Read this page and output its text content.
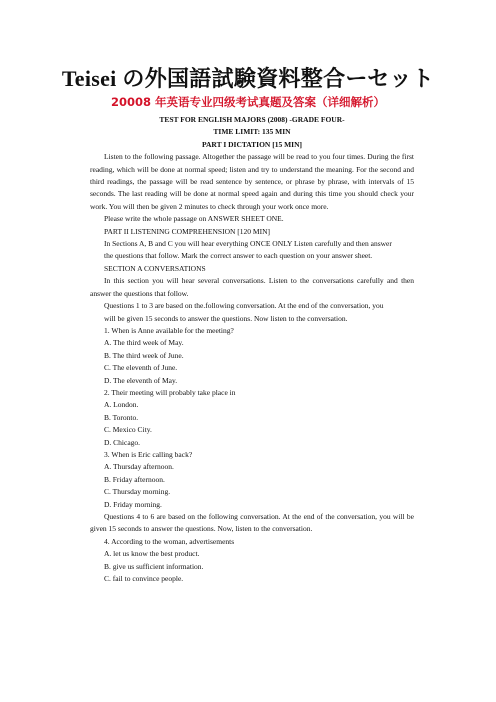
Teisei の外国語試験資料整合ーセット
20008 年英语专业四级考试真题及答案（详细解析）
TEST FOR ENGLISH MAJORS (2008) -GRADE FOUR-
TIME LIMIT: 135 MIN
PART I DICTATION [15 MIN]

Listen to the following passage. Altogether the passage will be read to you four times. During the first reading, which will be done at normal speed; listen and try to understand the meaning. For the second and third readings, the passage will be read sentence by sentence, or phrase by phrase, with intervals of 15 seconds. The last reading will be done at normal speed again and during this time you should check your work. You will then be given 2 minutes to check through your work once more.

Please write the whole passage on ANSWER SHEET ONE.

PART II LISTENING COMPREHENSION [120 MIN]

In Sections A, B and C you will hear everything ONCE ONLY Listen carefully and then answer

the questions that follow. Mark the correct answer to each question on your answer sheet.

SECTION A CONVERSATIONS

In this section you will hear several conversations. Listen to the conversations carefully and then answer the questions that follow.

Questions 1 to 3 are based on the.following conversation. At the end of the conversation, you

will be given 15 seconds to answer the questions. Now listen to the conversation.

1. When is Anne available for the meeting?

A. The third week of May.

B. The third week of June.

C. The eleventh of June.

D. The eleventh of May.

2. Their meeting will probably take place in

A. London.

B. Toronto.

C. Mexico City.

D. Chicago.

3. When is Eric calling back?

A. Thursday afternoon.

B. Friday afternoon.

C. Thursday morning.

D. Friday morning.

Questions 4 to 6 are based on the following conversation. At the end of the conversation, you will be given 15 seconds to answer the questions. Now, listen to the conversation.

4. According to the woman, advertisements

A. let us know the best product.

B. give us sufficient information.

C. fail to convince people.
